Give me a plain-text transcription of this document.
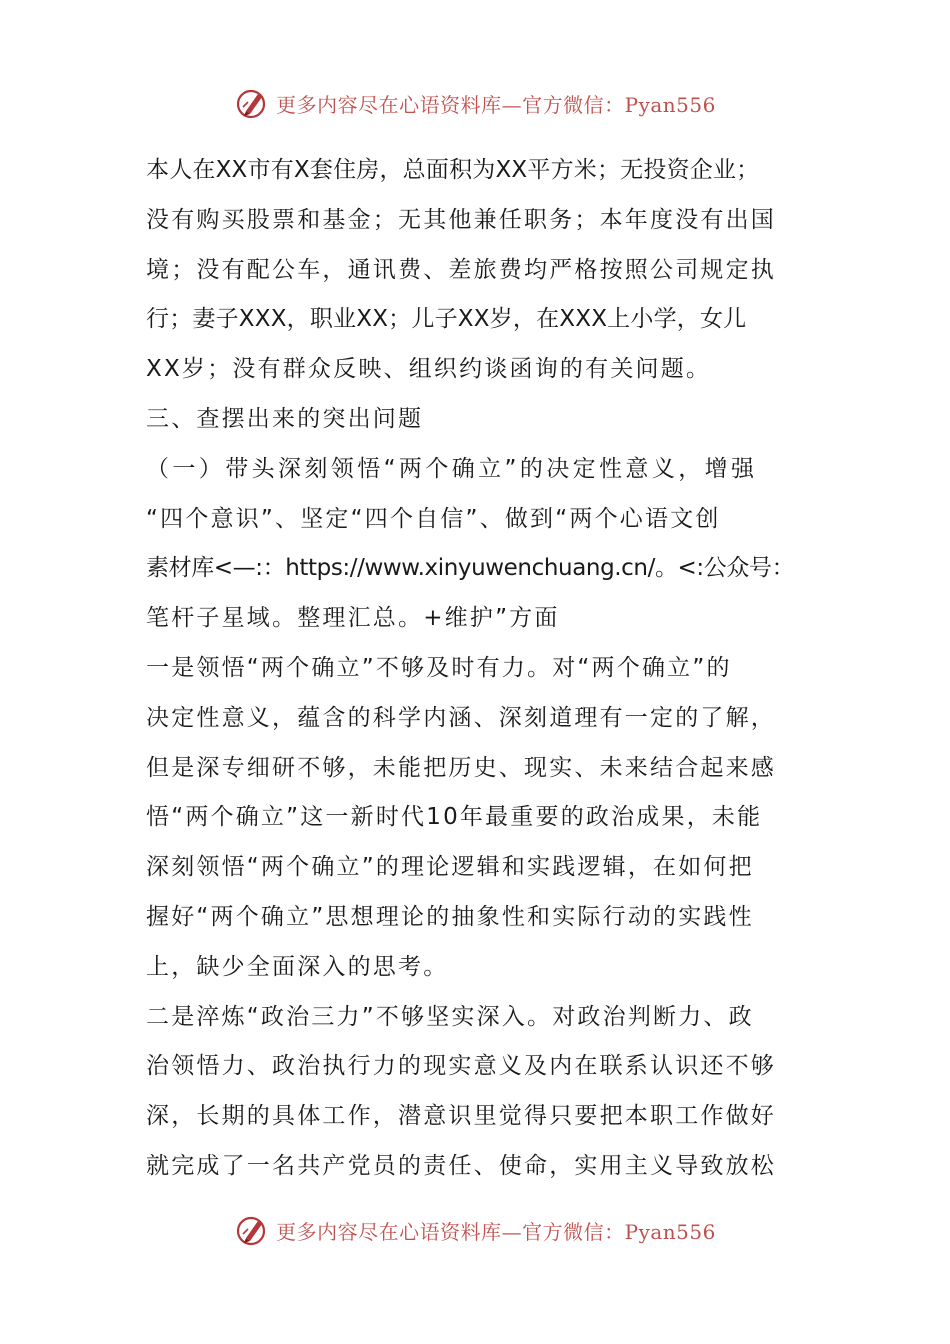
更多内容尽在心语资料库—官方微信：Pyan556
本人在XX市有X套住房，总面积为XX平方米；无投资企业；
没有购买股票和基金；无其他兼任职务；本年度没有出国
境；没有配公车，通讯费、差旅费均严格按照公司规定执
行；妻子XXX，职业XX；儿子XX岁，在XXX上小学，女儿
XX岁；没有群众反映、组织约谈函询的有关问题。
三、查摆出来的突出问题
（一）带头深刻领悟“两个确立”的决定性意义，增强
“四个意识”、坚定“四个自信”、做到“两个心语文创
素材库<—:：https://www.xinyuwenchuang.cn/。<:公众号：
笔杆子星域。整理汇总。+维护”方面
一是领悟“两个确立”不够及时有力。对“两个确立”的
决定性意义，蕴含的科学内涵、深刻道理有一定的了解，
但是深专细研不够，未能把历史、现实、未来结合起来感
悟“两个确立”这一新时代10年最重要的政治成果，未能
深刻领悟“两个确立”的理论逻辑和实践逻辑，在如何把
握好“两个确立”思想理论的抽象性和实际行动的实践性
上，缺少全面深入的思考。
二是淬炼“政治三力”不够坚实深入。对政治判断力、政
治领悟力、政治执行力的现实意义及内在联系认识还不够
深，长期的具体工作，潜意识里觉得只要把本职工作做好
就完成了一名共产党员的责任、使命，实用主义导致放松
更多内容尽在心语资料库—官方微信：Pyan556
